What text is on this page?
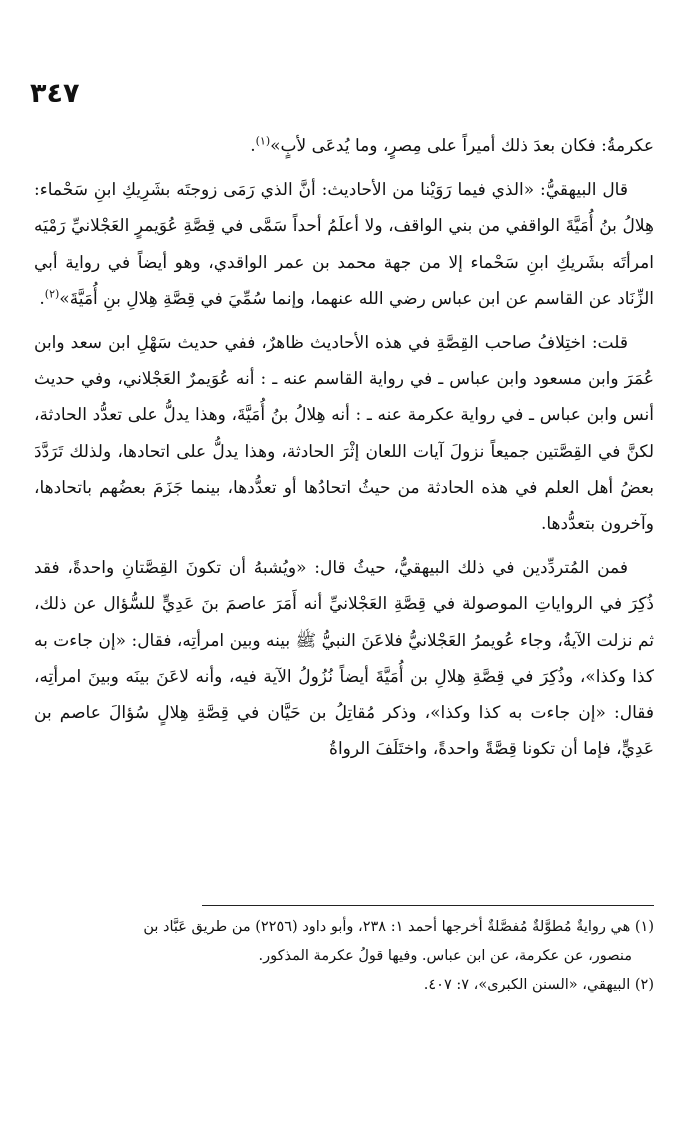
٣٤٧

عكرمةُ: فكان بعدَ ذلك أميراً على مِصرٍ، وما يُدعَى لأبٍ»$^{(١)}$.

قال البيهقيُّ: «الذي فيما رَوَيْنا من الأحاديث: أنَّ الذي رَمَى زوجتَه بشَرِيكِ ابنِ سَحْماء: هِلالُ بنُ أُمَيَّةَ الواقفي من بني الواقف، ولا أعلَمُ أحداً سَمَّى في قِصَّةِ عُوَيمرٍ العَجْلانيِّ رَمْيَه امرأتَه بشَريكِ ابنِ سَحْماء إلا من جهة محمد بن عمر الواقدي، وهو أيضاً في رواية أبي الزِّنَاد عن القاسم عن ابن عباس رضي الله عنهما، وإنما سُمِّيَ في قِصَّةِ هِلالِ بنِ أُمَيَّةَ»$^{(٢)}$.

قلت: اختِلافُ صاحب القِصَّةِ في هذه الأحاديث ظاهرٌ، ففي حديث سَهْلِ ابن سعد وابن عُمَرَ وابن مسعود وابن عباس ـ في رواية القاسم عنه ـ : أنه عُوَيمرٌ العَجْلاني، وفي حديث أنس وابن عباس ـ في رواية عكرمة عنه ـ : أنه هِلالُ بنُ أُمَيَّةَ، وهذا يدلُّ على تعدُّد الحادثة، لكنَّ في القِصَّتين جميعاً نزولَ آيات اللعان إثْرَ الحادثة، وهذا يدلُّ على اتحادها، ولذلك تَرَدَّدَ بعضُ أهل العلم في هذه الحادثة من حيثُ اتحادُها أو تعدُّدها، بينما جَزَمَ بعضُهم باتحادها، وآخرون بتعدُّدها.

فمن المُتردِّدين في ذلك البيهقيُّ، حيثُ قال: «ويُشبهُ أن تكونَ القِصَّتانِ واحدةً، فقد ذُكِرَ في الرواياتِ الموصولة في قِصَّةِ العَجْلانيِّ أنه أَمَرَ عاصمَ بنَ عَدِيٍّ للسُّؤال عن ذلك، ثم نزلت الآيةُ، وجاء عُويمرُ العَجْلانيُّ فلاعَنَ النبيُّ ﷺ بينه وبين امرأتِه، فقال: «إن جاءت به كذا وكذا»، وذُكِرَ في قِصَّةِ هِلالِ بن أُمَيَّةَ أيضاً نُزُولُ الآية فيه، وأنه لاعَنَ بينَه وبينَ امرأتِه، فقال: «إن جاءت به كذا وكذا»، وذكر مُقاتِلُ بن حَيَّان في قِصَّةِ هِلالٍ سُؤالَ عاصم بن عَدِيٍّ، فإما أن تكونا قِصَّةً واحدةً، واختَلَفَ الرواةُ

(١) هي روايةٌ مُطوَّلةٌ مُفصَّلةٌ أخرجها أحمد ١: ٢٣٨، وأبو داود (٢٢٥٦) من طريق عَبَّاد بن

منصور، عن عكرمة، عن ابن عباس. وفيها قولُ عكرمة المذكور.

(٢) البيهقي، «السنن الكبرى»، ٧: ٤٠٧.
